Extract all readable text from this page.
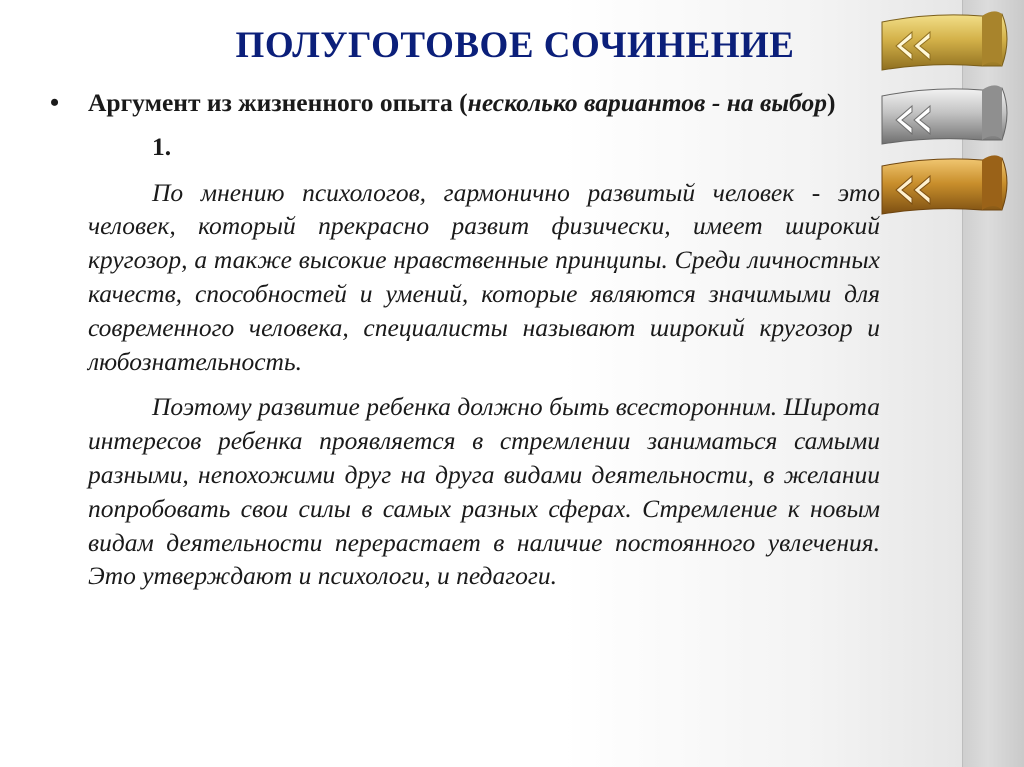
ПОЛУГОТОВОЕ СОЧИНЕНИЕ
• Аргумент из жизненного опыта (несколько вариантов - на выбор)
1.

По мнению психологов, гармонично развитый человек - это человек, который прекрасно развит физически, имеет широкий кругозор, а также высокие нравственные принципы. Среди личностных качеств, способностей и умений, которые являются значимыми для современного человека, специалисты называют широкий кругозор и любознательность.

Поэтому развитие ребенка должно быть всесторонним. Широта интересов ребенка проявляется в стремлении заниматься самыми разными, непохожими друг на друга видами деятельности, в желании попробовать свои силы в самых разных сферах. Стремление к новым видам деятельности перерастает в наличие постоянного увлечения. Это утверждают и психологи, и педагоги.
